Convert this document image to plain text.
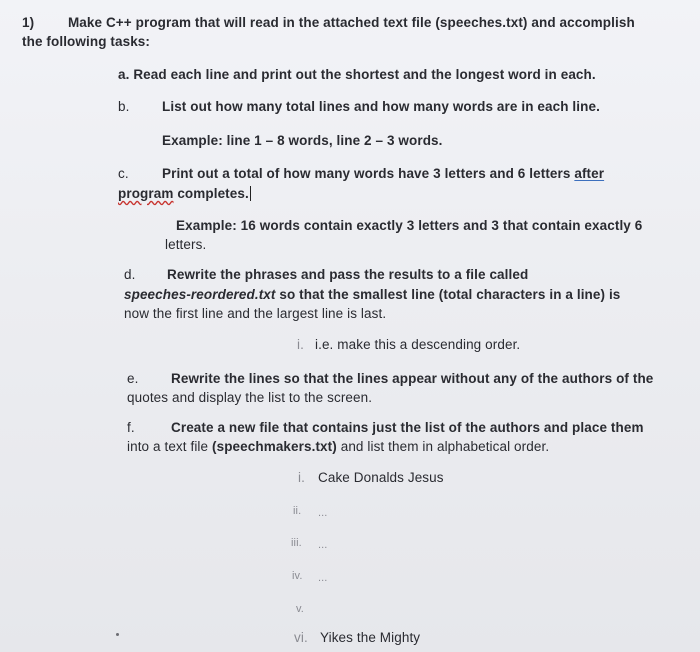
1) Make C++ program that will read in the attached text file (speeches.txt) and accomplish
the following tasks:
a. Read each line and print out the shortest and the longest word in each.
b. List out how many total lines and how many words are in each line.
Example: line 1 – 8 words, line 2 – 3 words.
c. Print out a total of how many words have 3 letters and 6 letters after
program completes.
Example: 16 words contain exactly 3 letters and 3 that contain exactly 6
letters.
d. Rewrite the phrases and pass the results to a file called
speeches-reordered.txt so that the smallest line (total characters in a line) is
now the first line and the largest line is last.
i. i.e. make this a descending order.
e. Rewrite the lines so that the lines appear without any of the authors of the
quotes and display the list to the screen.
f.	Create a new file that contains just the list of the authors and place them
into a text file (speechmakers.txt) and list them in alphabetical order.
i. Cake Donalds Jesus
ii. ...
iii. ...
iv. ...
v.
vi. Yikes the Mighty
